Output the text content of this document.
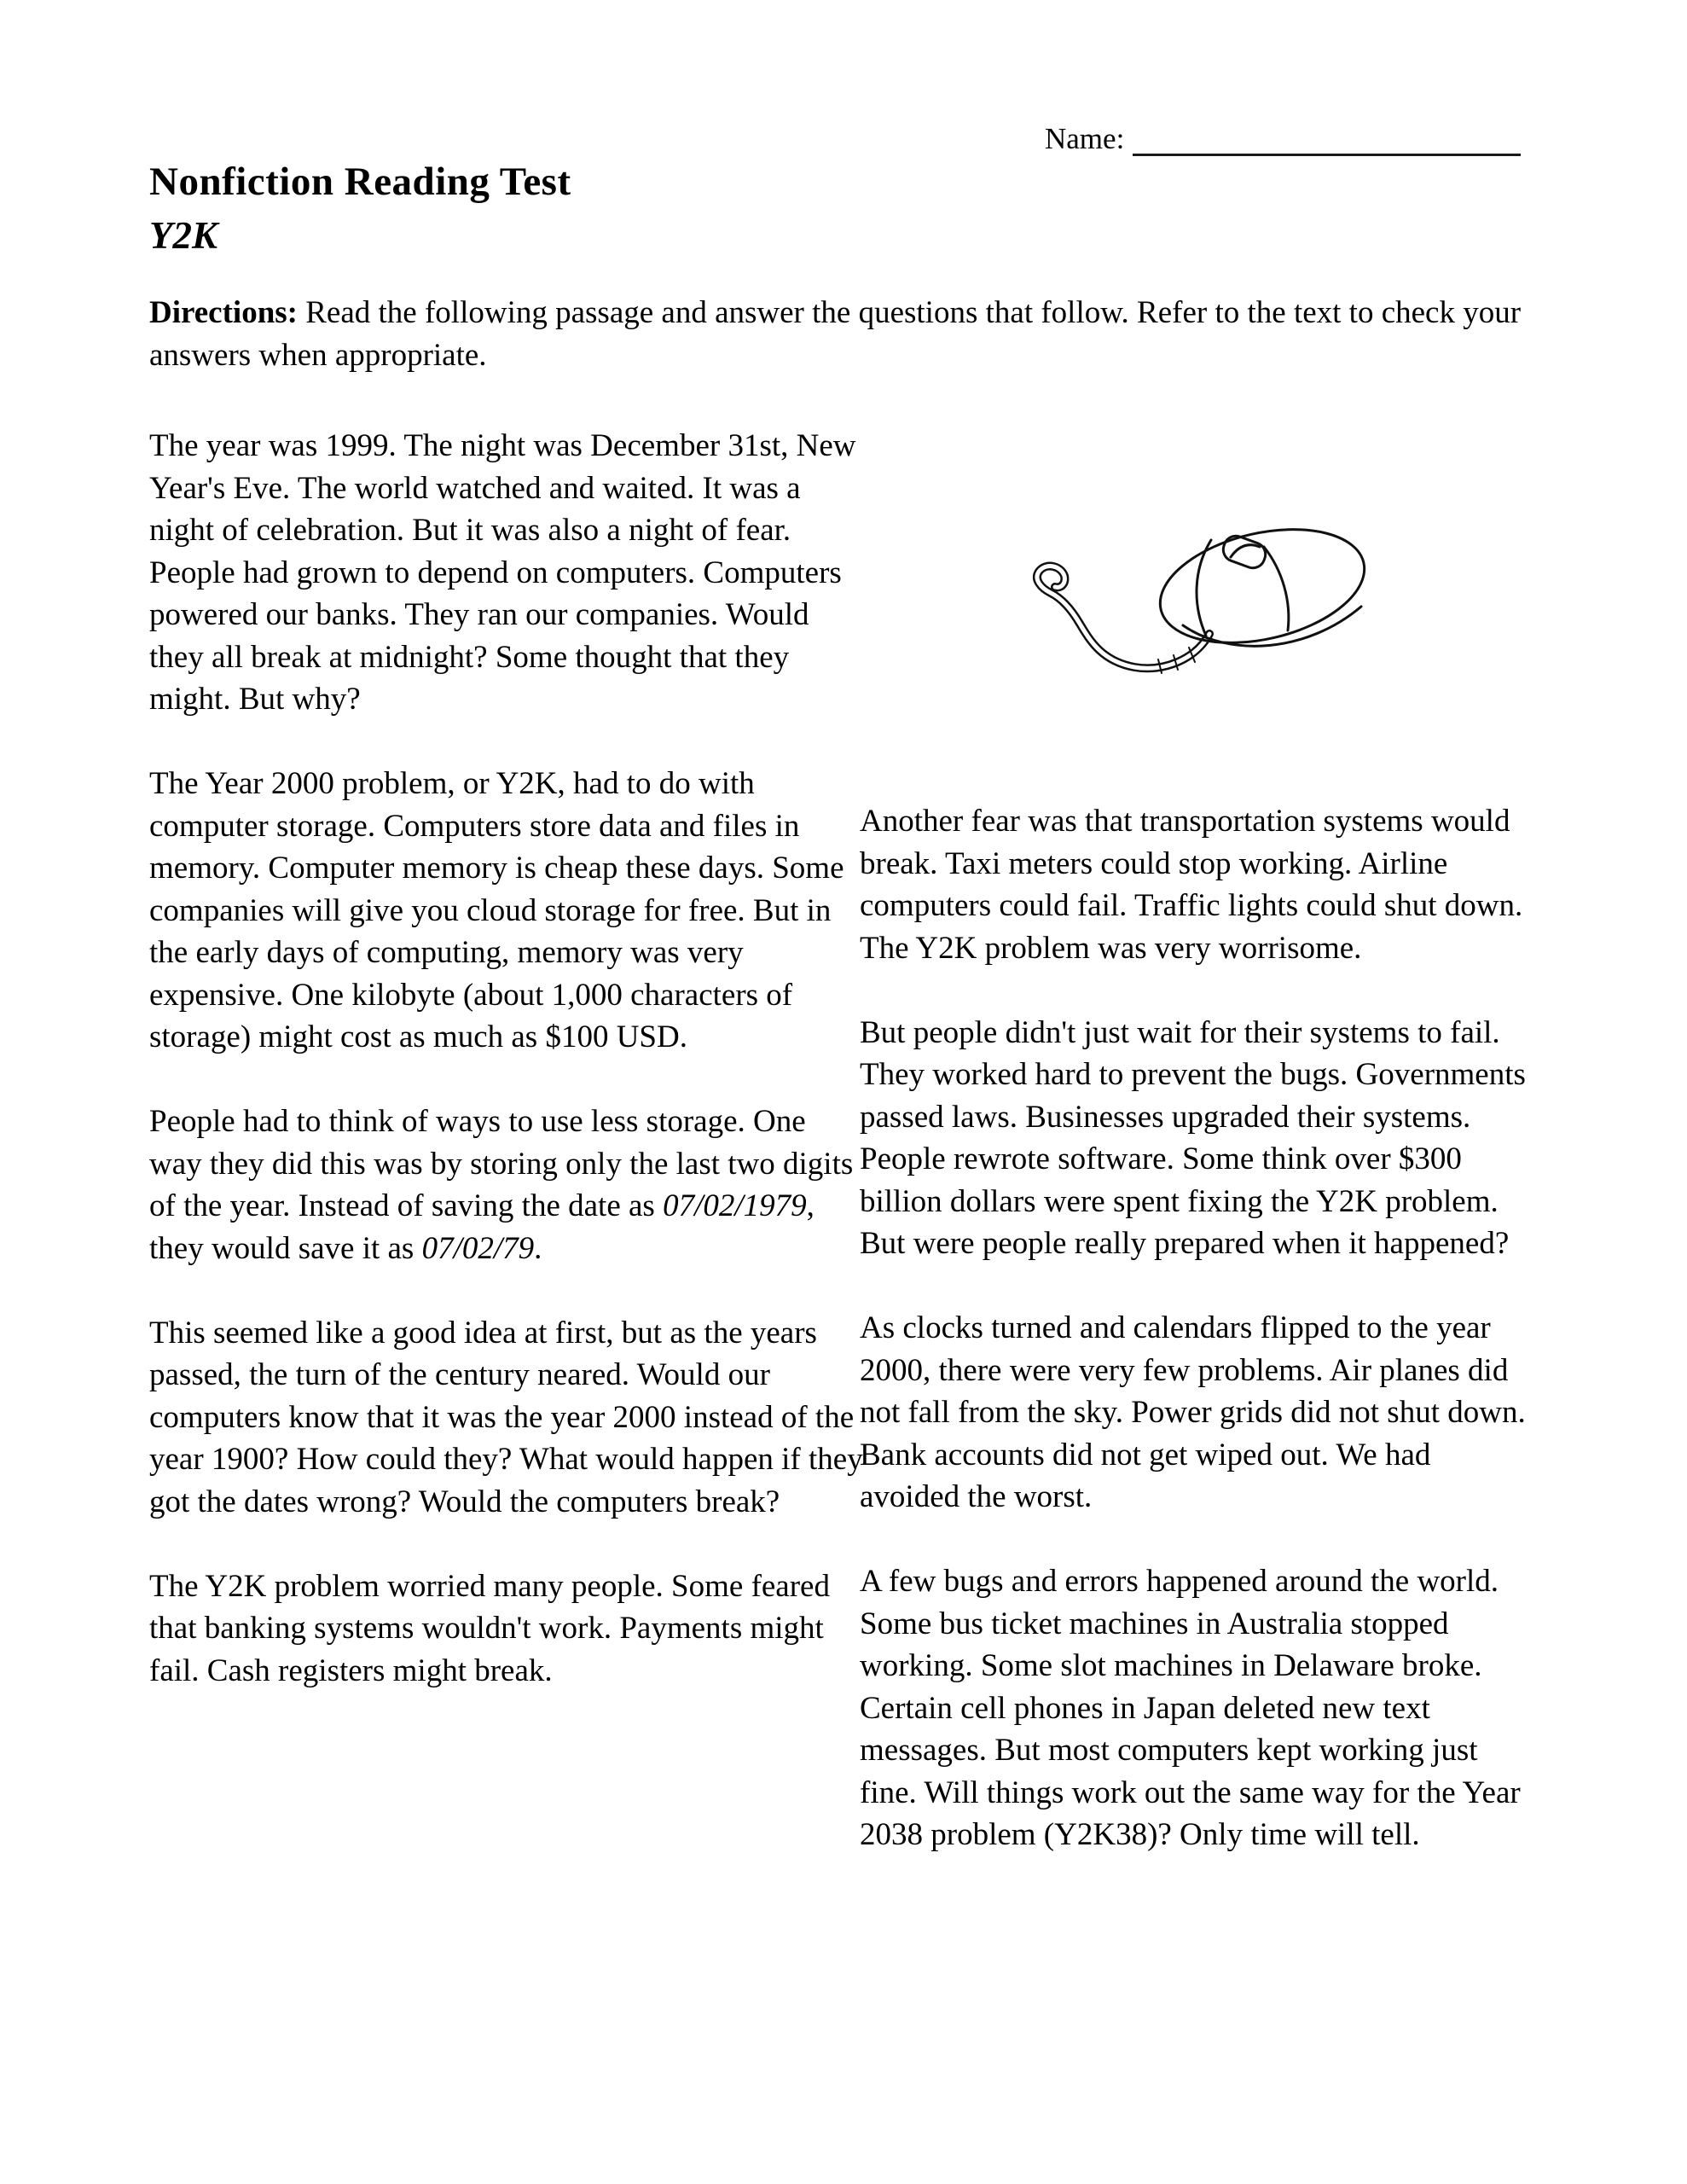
Name:
Nonfiction Reading Test
Y2K

Directions: Read the following passage and answer the questions that follow. Refer to the text to check your answers when appropriate.

The year was 1999. The night was December 31st, New Year's Eve. The world watched and waited. It was a night of celebration. But it was also a night of fear. People had grown to depend on computers. Computers powered our banks. They ran our companies. Would they all break at midnight? Some thought that they might. But why?

The Year 2000 problem, or Y2K, had to do with computer storage. Computers store data and files in memory. Computer memory is cheap these days. Some companies will give you cloud storage for free. But in the early days of computing, memory was very expensive. One kilobyte (about 1,000 characters of storage) might cost as much as $100 USD.

People had to think of ways to use less storage. One way they did this was by storing only the last two digits of the year. Instead of saving the date as 07/02/1979, they would save it as 07/02/79.

This seemed like a good idea at first, but as the years passed, the turn of the century neared. Would our computers know that it was the year 2000 instead of the year 1900? How could they? What would happen if they got the dates wrong? Would the computers break?

The Y2K problem worried many people. Some feared that banking systems wouldn't work. Payments might fail. Cash registers might break.

Another fear was that transportation systems would break. Taxi meters could stop working. Airline computers could fail. Traffic lights could shut down. The Y2K problem was very worrisome.

But people didn't just wait for their systems to fail. They worked hard to prevent the bugs. Governments passed laws. Businesses upgraded their systems. People rewrote software. Some think over $300 billion dollars were spent fixing the Y2K problem. But were people really prepared when it happened?

As clocks turned and calendars flipped to the year 2000, there were very few problems. Air planes did not fall from the sky. Power grids did not shut down. Bank accounts did not get wiped out. We had avoided the worst.

A few bugs and errors happened around the world. Some bus ticket machines in Australia stopped working. Some slot machines in Delaware broke. Certain cell phones in Japan deleted new text messages. But most computers kept working just fine. Will things work out the same way for the Year 2038 problem (Y2K38)? Only time will tell.
